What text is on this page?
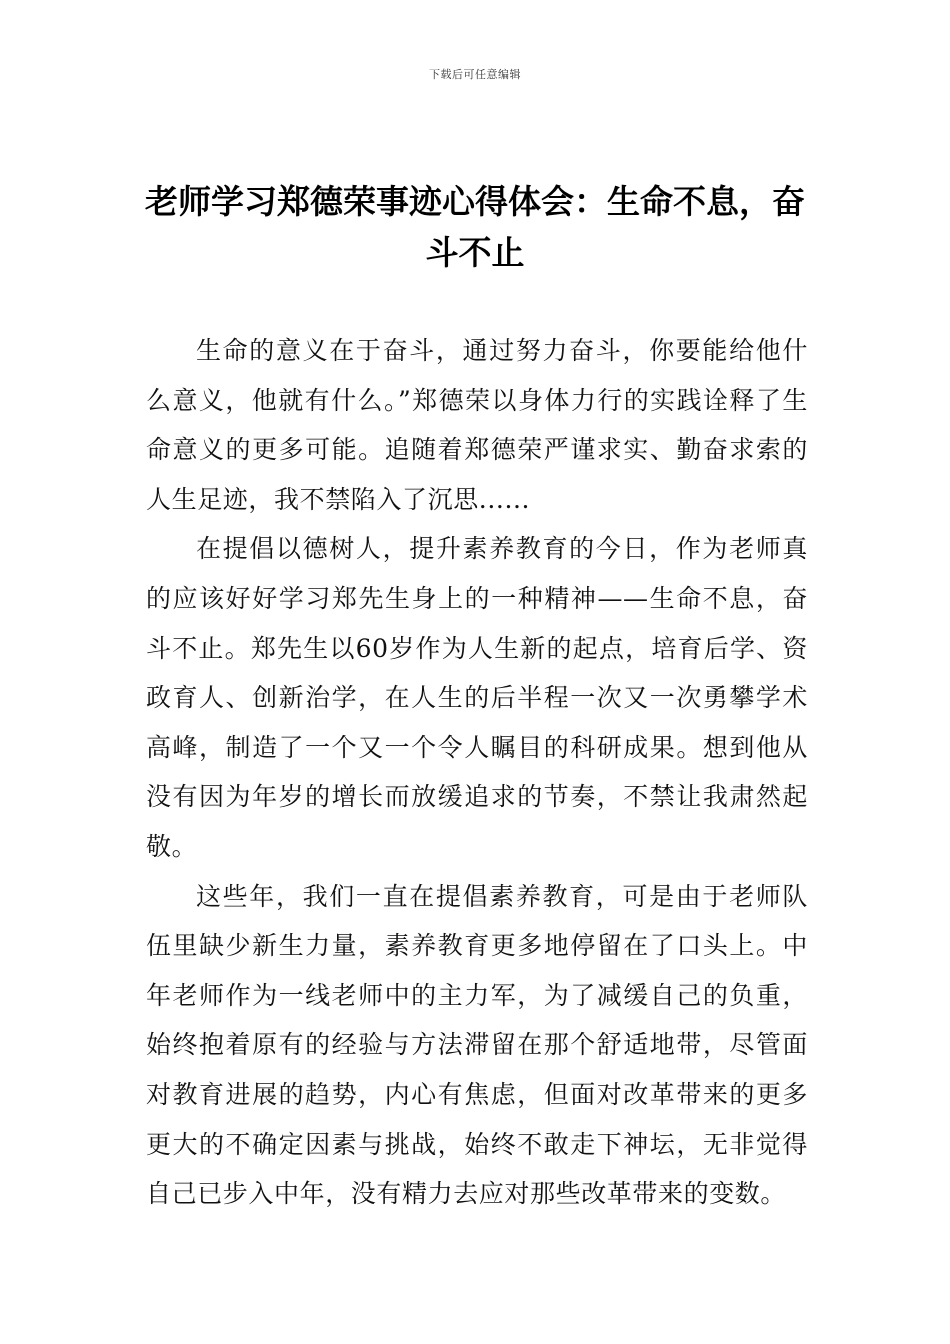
下载后可任意编辑
老师学习郑德荣事迹心得体会：生命不息，奋斗不止

生命的意义在于奋斗，通过努力奋斗，你要能给他什么意义，他就有什么。”郑德荣以身体力行的实践诠释了生命意义的更多可能。追随着郑德荣严谨求实、勤奋求索的人生足迹，我不禁陷入了沉思......

在提倡以德树人，提升素养教育的今日，作为老师真的应该好好学习郑先生身上的一种精神——生命不息，奋斗不止。郑先生以60岁作为人生新的起点，培育后学、资政育人、创新治学，在人生的后半程一次又一次勇攀学术高峰，制造了一个又一个令人瞩目的科研成果。想到他从没有因为年岁的增长而放缓追求的节奏，不禁让我肃然起敬。

这些年，我们一直在提倡素养教育，可是由于老师队伍里缺少新生力量，素养教育更多地停留在了口头上。中年老师作为一线老师中的主力军，为了减缓自己的负重，始终抱着原有的经验与方法滞留在那个舒适地带，尽管面对教育进展的趋势，内心有焦虑，但面对改革带来的更多更大的不确定因素与挑战，始终不敢走下神坛，无非觉得自己已步入中年，没有精力去应对那些改革带来的变数。
